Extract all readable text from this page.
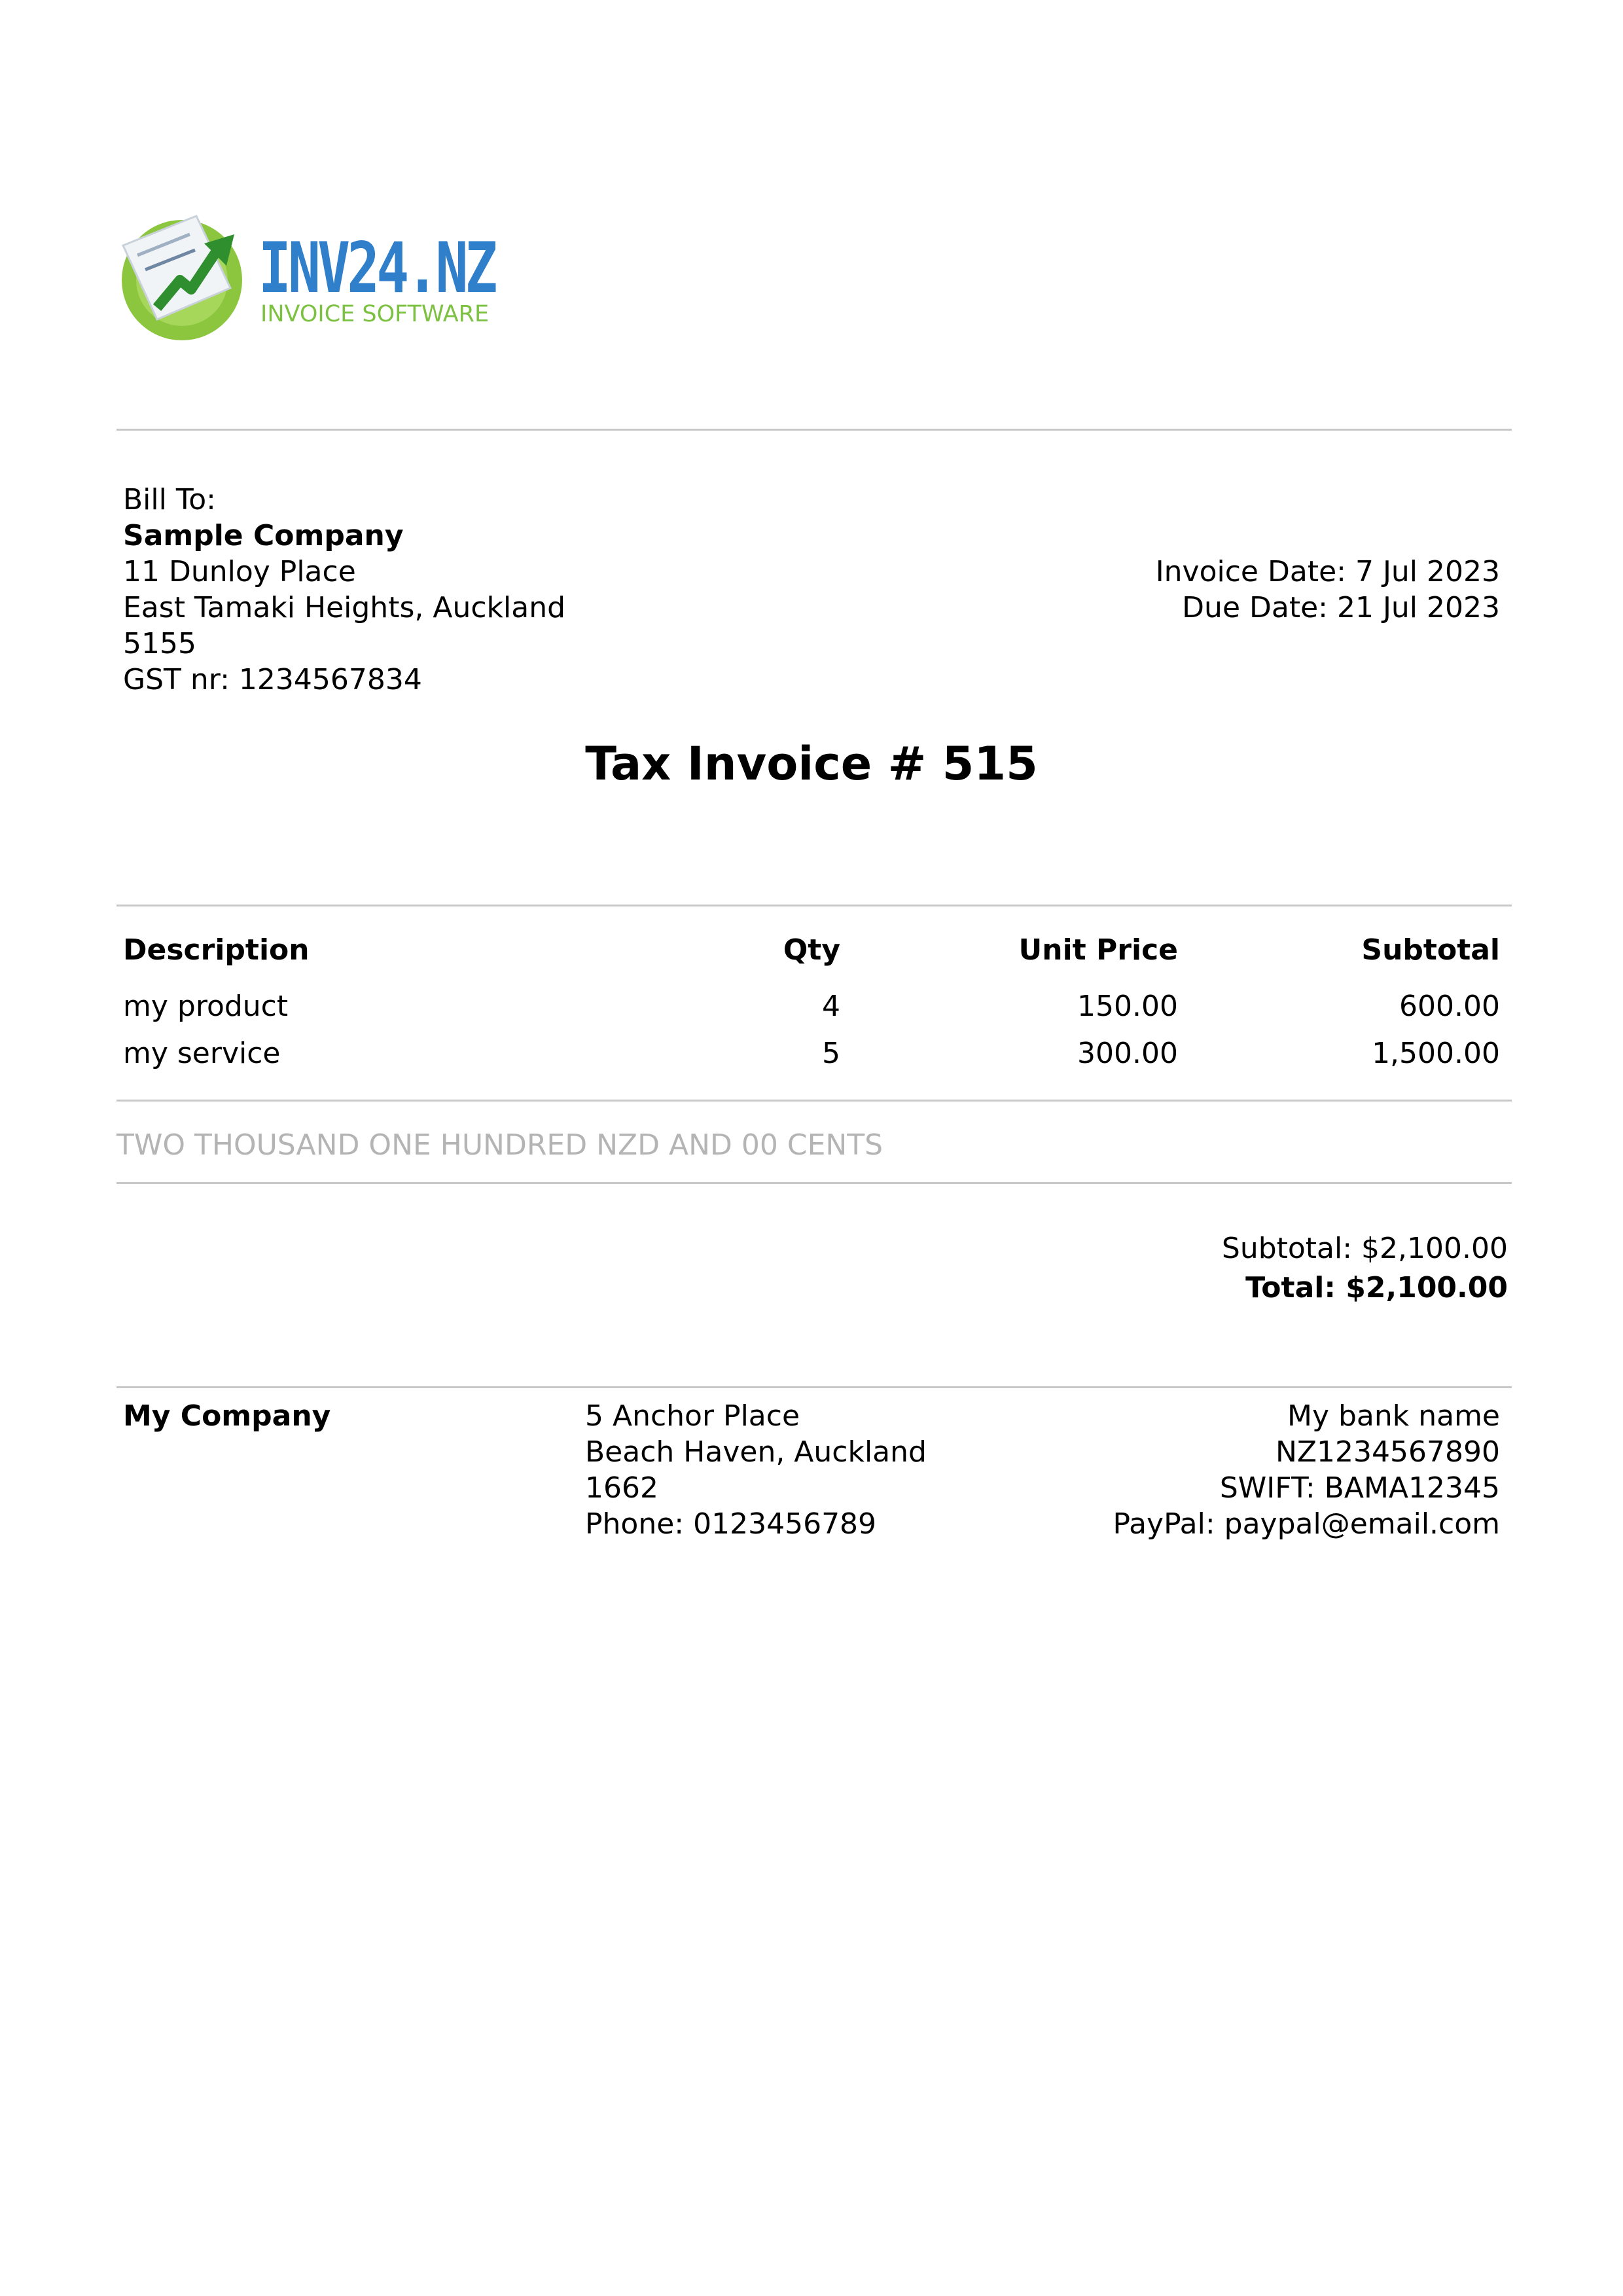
INV24.NZ
INVOICE SOFTWARE
Bill To:
Sample Company
11 Dunloy Place
East Tamaki Heights, Auckland
5155
GST nr: 1234567834
Invoice Date: 7 Jul 2023
Due Date: 21 Jul 2023
Tax Invoice # 515
Description	Qty	Unit Price	Subtotal
my product	4	150.00	600.00
my service	5	300.00	1,500.00
TWO THOUSAND ONE HUNDRED NZD AND 00 CENTS
Subtotal: $2,100.00
Total: $2,100.00
My Company	5 Anchor Place
Beach Haven, Auckland
1662
Phone: 0123456789
My bank name
NZ1234567890
SWIFT: BAMA12345
PayPal: paypal@email.com
